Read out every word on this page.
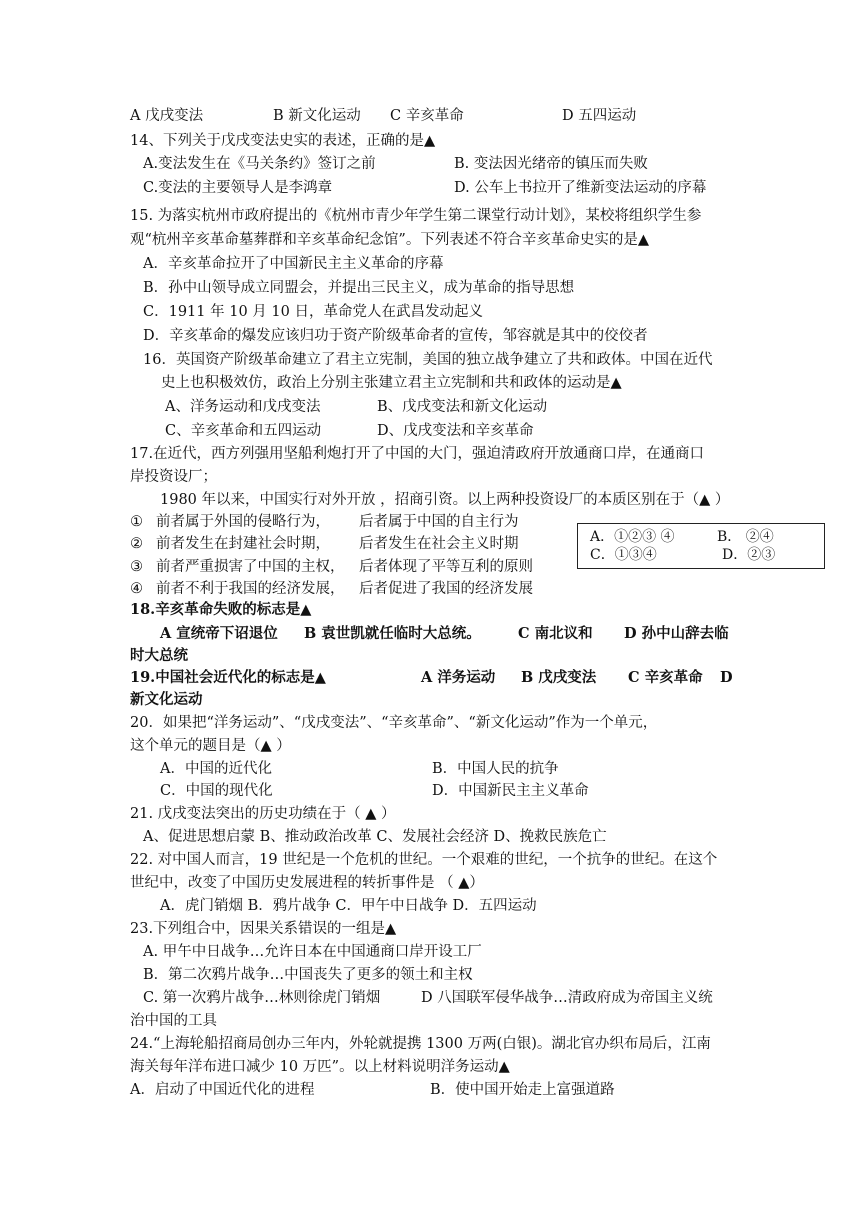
A 戊戌变法	B 新文化运动 C 辛亥革命	D 五四运动
14、下列关于戊戌变法史实的表述，正确的是▲
A.变法发生在《马关条约》签订之前	B. 变法因光绪帝的镇压而失败
C.变法的主要领导人是李鸿章	D. 公车上书拉开了维新变法运动的序幕
15. 为落实杭州市政府提出的《杭州市青少年学生第二课堂行动计划》，某校将组织学生参
观“杭州辛亥革命墓葬群和辛亥革命纪念馆”。下列表述不符合辛亥革命史实的是▲
A．辛亥革命拉开了中国新民主主义革命的序幕
B．孙中山领导成立同盟会，并提出三民主义，成为革命的指导思想
C．1911 年 10 月 10 日，革命党人在武昌发动起义
D．辛亥革命的爆发应该归功于资产阶级革命者的宣传，邹容就是其中的佼佼者
16．英国资产阶级革命建立了君主立宪制，美国的独立战争建立了共和政体。中国在近代
史上也积极效仿，政治上分别主张建立君主立宪制和共和政体的运动是▲
A、洋务运动和戊戌变法	B、戊戌变法和新文化运动
C、辛亥革命和五四运动	D、戊戌变法和辛亥革命
17.在近代，西方列强用坚船利炮打开了中国的大门，强迫清政府开放通商口岸，在通商口
岸投资设厂；
1980 年以来，中国实行对外开放 ，招商引资。以上两种投资设厂的本质区别在于（▲ ）
① 前者属于外国的侵略行为， 后者属于中国的自主行为
② 前者发生在封建社会时期， 后者发生在社会主义时期
③ 前者严重损害了中国的主权， 后者体现了平等互利的原则
④ 前者不利于我国的经济发展， 后者促进了我国的经济发展
A．①②③ ④	B． ②④
C．①③④	D．②③
18.辛亥革命失败的标志是▲
A 宣统帝下诏退位 B 袁世凯就任临时大总统。	C 南北议和 D 孙中山辞去临
时大总统
19.中国社会近代化的标志是▲	A 洋务运动 B 戊戌变法 C 辛亥革命 D
新文化运动
20．如果把“洋务运动”、“戊戌变法”、“辛亥革命”、“新文化运动”作为一个单元，
这个单元的题目是（▲ ）
A．中国的近代化	B．中国人民的抗争
C．中国的现代化	D．中国新民主主义革命
21. 戊戌变法突出的历史功绩在于（ ▲ ）
A、促进思想启蒙 B、推动政治改革 C、发展社会经济 D、挽救民族危亡
22. 对中国人而言，19 世纪是一个危机的世纪。一个艰难的世纪，一个抗争的世纪。在这个
世纪中，改变了中国历史发展进程的转折事件是 （ ▲）
A．虎门销烟 B．鸦片战争 C．甲午中日战争 D．五四运动
23.下列组合中，因果关系错误的一组是▲
A. 甲午中日战争…允许日本在中国通商口岸开设工厂
B．第二次鸦片战争…中国丧失了更多的领土和主权
C. 第一次鸦片战争…林则徐虎门销烟	D 八国联军侵华战争…清政府成为帝国主义统
治中国的工具
24.“上海轮船招商局创办三年内，外轮就提携 1300 万两(白银)。湖北官办织布局后，江南
海关每年洋布进口减少 10 万匹”。以上材料说明洋务运动▲
A．启动了中国近代化的进程	B．使中国开始走上富强道路
